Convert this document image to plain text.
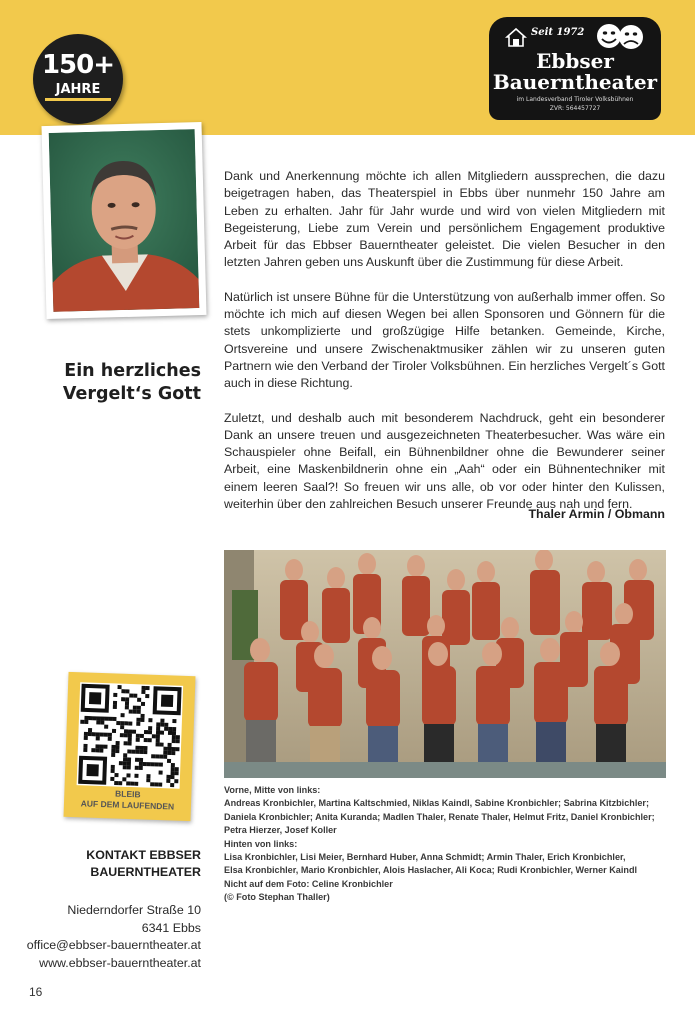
150+
JAHRE
Seit 1972
Ebbser
Bauerntheater
im Landesverband Tiroler Volksbühnen
ZVR: 564457727
Ein herzliches
Vergelt‘s Gott

Dank und Anerkennung möchte ich allen Mitgliedern aussprechen, die dazu beigetragen haben, das Theaterspiel in Ebbs über nunmehr 150 Jahre am Leben zu erhalten. Jahr für Jahr wurde und wird von vielen Mitgliedern mit Begeisterung, Liebe zum Verein und persönlichem Engagement produktive Arbeit für das Ebbser Bauerntheater geleistet. Die vielen Besucher in den letzten Jahren geben uns Auskunft über die Zustimmung für diese Arbeit.

Natürlich ist unsere Bühne für die Unterstützung von außerhalb immer offen. So möchte ich mich auf diesen Wegen bei allen Sponsoren und Gönnern für die stets unkomplizierte und großzügige Hilfe betanken. Gemeinde, Kirche, Ortsvereine und unsere Zwischenaktmusiker zählen wir zu unseren guten Partnern wie den Verband der Tiroler Volksbühnen. Ein herzliches Vergelt´s Gott auch in diese Richtung.

Zuletzt, und deshalb auch mit besonderem Nachdruck, geht ein besonderer Dank an unsere treuen und ausgezeichneten Theaterbesucher. Was wäre ein Schauspieler ohne Beifall, ein Bühnenbildner ohne die Bewunderer seiner Arbeit, eine Maskenbildnerin ohne ein „Aah“ oder ein Bühnentechniker mit einem leeren Saal?! So freuen wir uns alle, ob vor oder hinter den Kulissen, weiterhin über den zahlreichen Besuch unserer Freunde aus nah und fern.

Thaler Armin / Obmann
Vorne, Mitte von links:
Andreas Kronbichler, Martina Kaltschmied, Niklas Kaindl, Sabine Kronbichler; Sabrina Kitzbichler;
Daniela Kronbichler; Anita Kuranda; Madlen Thaler, Renate Thaler, Helmut Fritz, Daniel Kronbichler;
Petra Hierzer, Josef Koller
Hinten von links:
Lisa Kronbichler, Lisi Meier, Bernhard Huber, Anna Schmidt; Armin Thaler, Erich Kronbichler,
Elsa Kronbichler, Mario Kronbichler, Alois Haslacher, Ali Koca; Rudi Kronbichler, Werner Kaindl
Nicht auf dem Foto: Celine Kronbichler
(© Foto Stephan Thaller)
BLEIB
AUF DEM LAUFENDEN
KONTAKT EBBSER
BAUERNTHEATER
Niederndorfer Straße 10
6341 Ebbs
office@ebbser-bauerntheater.at
www.ebbser-bauerntheater.at
16
